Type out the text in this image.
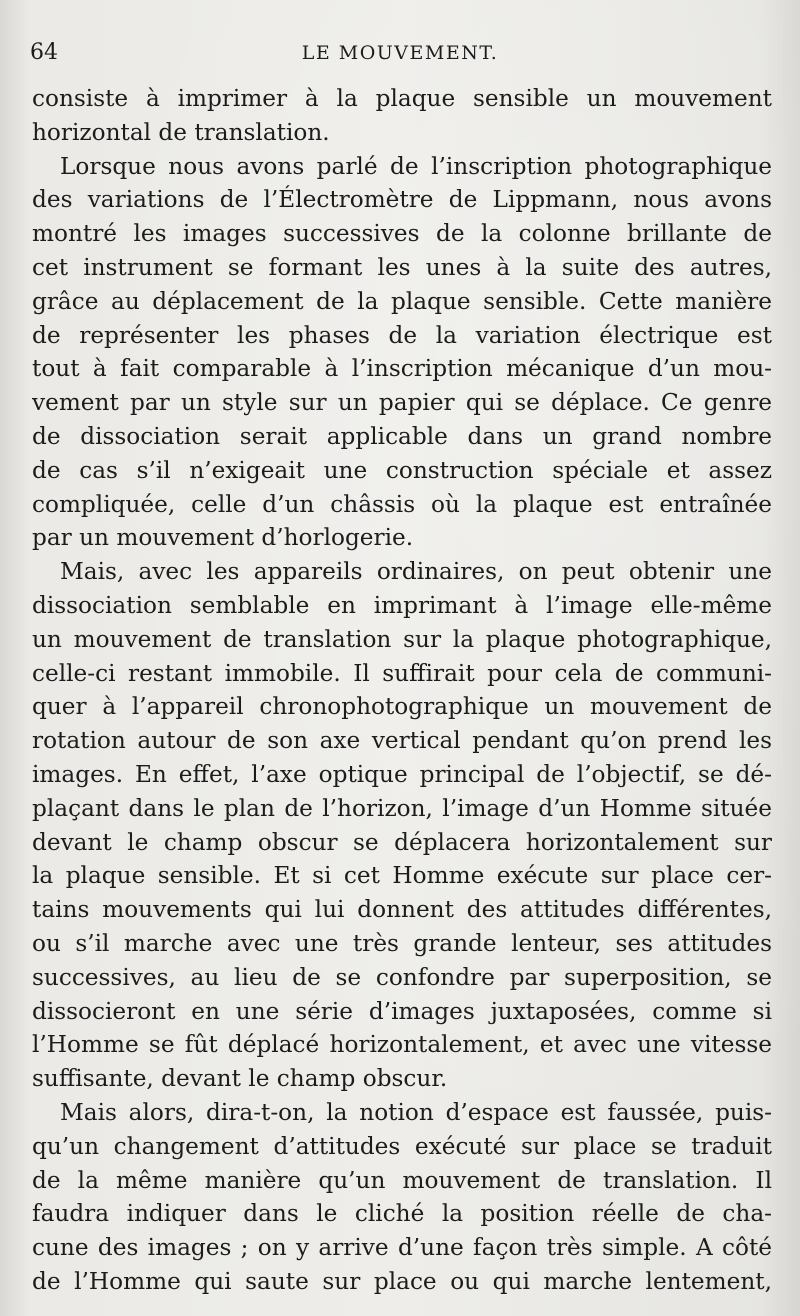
64	LE MOUVEMENT.
consiste à imprimer à la plaque sensible un mouvement
horizontal de translation.
Lorsque nous avons parlé de l’inscription photographique
des variations de l’Électromètre de Lippmann, nous avons
montré les images successives de la colonne brillante de
cet instrument se formant les unes à la suite des autres,
grâce au déplacement de la plaque sensible. Cette manière
de représenter les phases de la variation électrique est
tout à fait comparable à l’inscription mécanique d’un mou-
vement par un style sur un papier qui se déplace. Ce genre
de dissociation serait applicable dans un grand nombre
de cas s’il n’exigeait une construction spéciale et assez
compliquée, celle d’un châssis où la plaque est entraînée
par un mouvement d’horlogerie.
Mais, avec les appareils ordinaires, on peut obtenir une
dissociation semblable en imprimant à l’image elle-même
un mouvement de translation sur la plaque photographique,
celle-ci restant immobile. Il suffirait pour cela de communi-
quer à l’appareil chronophotographique un mouvement de
rotation autour de son axe vertical pendant qu’on prend les
images. En effet, l’axe optique principal de l’objectif, se dé-
plaçant dans le plan de l’horizon, l’image d’un Homme située
devant le champ obscur se déplacera horizontalement sur
la plaque sensible. Et si cet Homme exécute sur place cer-
tains mouvements qui lui donnent des attitudes différentes,
ou s’il marche avec une très grande lenteur, ses attitudes
successives, au lieu de se confondre par superposition, se
dissocieront en une série d’images juxtaposées, comme si
l’Homme se fût déplacé horizontalement, et avec une vitesse
suffisante, devant le champ obscur.
Mais alors, dira-t-on, la notion d’espace est faussée, puis-
qu’un changement d’attitudes exécuté sur place se traduit
de la même manière qu’un mouvement de translation. Il
faudra indiquer dans le cliché la position réelle de cha-
cune des images ; on y arrive d’une façon très simple. A côté
de l’Homme qui saute sur place ou qui marche lentement,
